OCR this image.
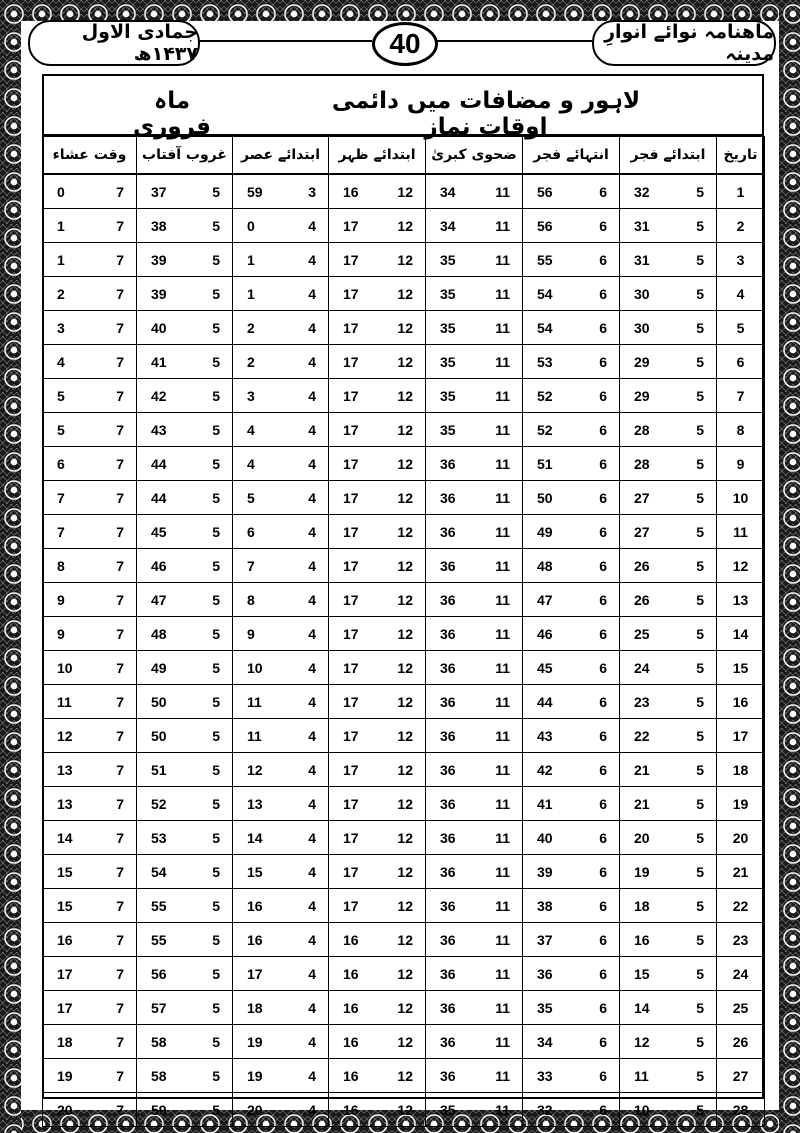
جمادی الاول ۱۴۳۷ھ	40	ماھنامہ نوائے انوارِ مدینہ
لاہور و مضافات میں دائمی اوقات نماز
ماہ فروری
وقت عشاء	غروب آفتاب	ابتدائے عصر	ابتدائے ظہر	ضحوی کبریٰ	انتہائے فجر	ابتدائے فجر	تاریخ

0 7	37 5	59 3	16 12	34 11	56 6	32 5	1

1 7	38 5	0 4	17 12	34 11	56 6	31 5	2

1 7	39 5	1 4	17 12	35 11	55 6	31 5	3

2 7	39 5	1 4	17 12	35 11	54 6	30 5	4

3 7	40 5	2 4	17 12	35 11	54 6	30 5	5

4 7	41 5	2 4	17 12	35 11	53 6	29 5	6

5 7	42 5	3 4	17 12	35 11	52 6	29 5	7

5 7	43 5	4 4	17 12	35 11	52 6	28 5	8

6 7	44 5	4 4	17 12	36 11	51 6	28 5	9

7 7	44 5	5 4	17 12	36 11	50 6	27 5	10

7 7	45 5	6 4	17 12	36 11	49 6	27 5	11

8 7	46 5	7 4	17 12	36 11	48 6	26 5	12

9 7	47 5	8 4	17 12	36 11	47 6	26 5	13

9 7	48 5	9 4	17 12	36 11	46 6	25 5	14

10 7	49 5	10 4	17 12	36 11	45 6	24 5	15

11 7	50 5	11 4	17 12	36 11	44 6	23 5	16

12 7	50 5	11 4	17 12	36 11	43 6	22 5	17

13 7	51 5	12 4	17 12	36 11	42 6	21 5	18

13 7	52 5	13 4	17 12	36 11	41 6	21 5	19

14 7	53 5	14 4	17 12	36 11	40 6	20 5	20

15 7	54 5	15 4	17 12	36 11	39 6	19 5	21

15 7	55 5	16 4	17 12	36 11	38 6	18 5	22

16 7	55 5	16 4	16 12	36 11	37 6	16 5	23

17 7	56 5	17 4	16 12	36 11	36 6	15 5	24

17 7	57 5	18 4	16 12	36 11	35 6	14 5	25

18 7	58 5	19 4	16 12	36 11	34 6	12 5	26

19 7	58 5	19 4	16 12	36 11	33 6	11 5	27

20 7	59 5	20 4	16 12	35 11	32 6	10 5	28
